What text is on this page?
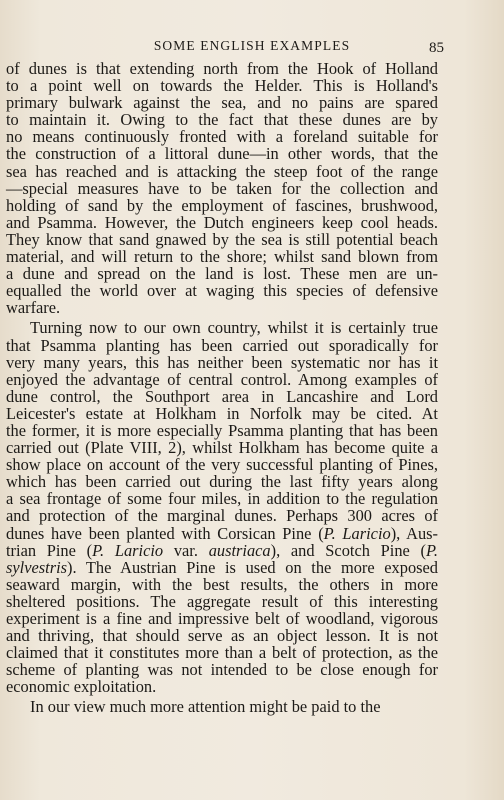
SOME ENGLISH EXAMPLES	85
of dunes is that extending north from the Hook of Holland
to a point well on towards the Helder. This is Holland's
primary bulwark against the sea, and no pains are spared
to maintain it. Owing to the fact that these dunes are by
no means continuously fronted with a foreland suitable for
the construction of a littoral dune—in other words, that the
sea has reached and is attacking the steep foot of the range
—special measures have to be taken for the collection and
holding of sand by the employment of fascines, brushwood,
and Psamma. However, the Dutch engineers keep cool heads.
They know that sand gnawed by the sea is still potential beach
material, and will return to the shore; whilst sand blown from
a dune and spread on the land is lost. These men are un-
equalled the world over at waging this species of defensive
warfare.
Turning now to our own country, whilst it is certainly true
that Psamma planting has been carried out sporadically for
very many years, this has neither been systematic nor has it
enjoyed the advantage of central control. Among examples of
dune control, the Southport area in Lancashire and Lord
Leicester's estate at Holkham in Norfolk may be cited. At
the former, it is more especially Psamma planting that has been
carried out (Plate VIII, 2), whilst Holkham has become quite a
show place on account of the very successful planting of Pines,
which has been carried out during the last fifty years along
a sea frontage of some four miles, in addition to the regulation
and protection of the marginal dunes. Perhaps 300 acres of
dunes have been planted with Corsican Pine (P. Laricio), Aus-
trian Pine (P. Laricio var. austriaca), and Scotch Pine (P.
sylvestris). The Austrian Pine is used on the more exposed
seaward margin, with the best results, the others in more
sheltered positions. The aggregate result of this interesting
experiment is a fine and impressive belt of woodland, vigorous
and thriving, that should serve as an object lesson. It is not
claimed that it constitutes more than a belt of protection, as the
scheme of planting was not intended to be close enough for
economic exploitation.
In our view much more attention might be paid to the
